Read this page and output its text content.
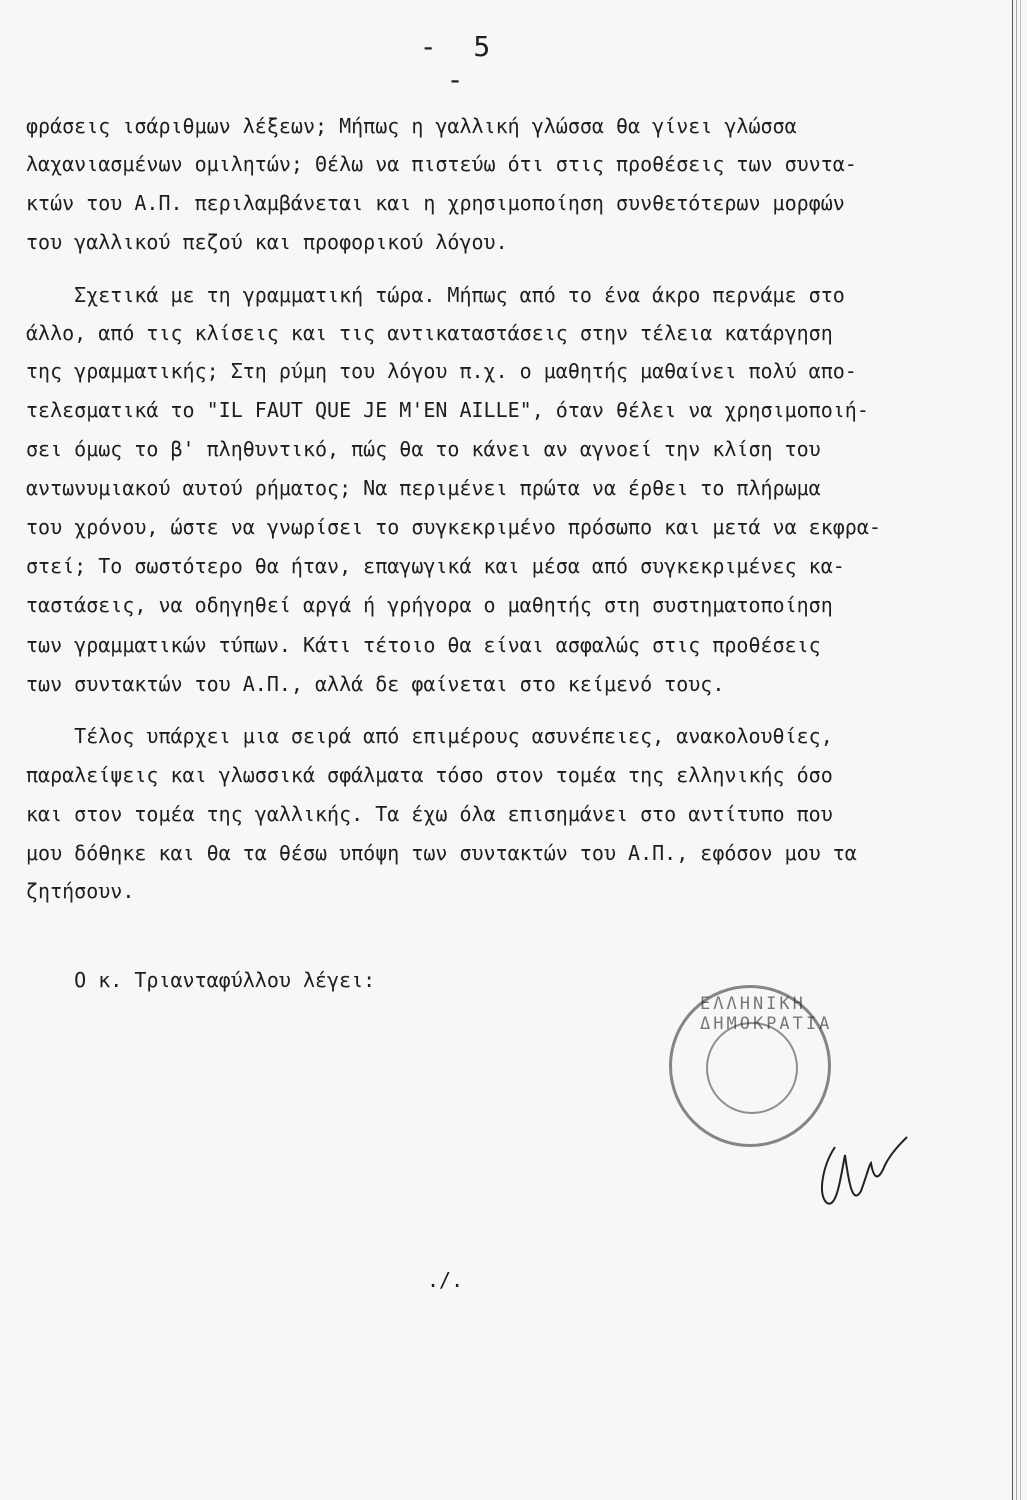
- 5 -
φράσεις ισάριθμων λέξεων; Μήπως η γαλλική γλώσσα θα γίνει γλώσσα
λαχανιασμένων ομιλητών; Θέλω να πιστεύω ότι στις προθέσεις των συντα-
κτών του Α.Π. περιλαμβάνεται και η χρησιμοποίηση συνθετότερων μορφών
του γαλλικού πεζού και προφορικού λόγου.
Σχετικά με τη γραμματική τώρα. Μήπως από το ένα άκρο περνάμε στο
άλλο, από τις κλίσεις και τις αντικαταστάσεις στην τέλεια κατάργηση
της γραμματικής; Στη ρύμη του λόγου π.χ. ο μαθητής μαθαίνει πολύ απο-
τελεσματικά το "IL FAUT QUE JE M'EN AILLE", όταν θέλει να χρησιμοποιή-
σει όμως το β' πληθυντικό, πώς θα το κάνει αν αγνοεί την κλίση του
αντωνυμιακού αυτού ρήματος; Να περιμένει πρώτα να έρθει το πλήρωμα
του χρόνου, ώστε να γνωρίσει το συγκεκριμένο πρόσωπο και μετά να εκφρα-
στεί; Το σωστότερο θα ήταν, επαγωγικά και μέσα από συγκεκριμένες κα-
ταστάσεις, να οδηγηθεί αργά ή γρήγορα ο μαθητής στη συστηματοποίηση
των γραμματικών τύπων. Κάτι τέτοιο θα είναι ασφαλώς στις προθέσεις
των συντακτών του Α.Π., αλλά δε φαίνεται στο κείμενό τους.
Τέλος υπάρχει μια σειρά από επιμέρους ασυνέπειες, ανακολουθίες,
παραλείψεις και γλωσσικά σφάλματα τόσο στον τομέα της ελληνικής όσο
και στον τομέα της γαλλικής. Τα έχω όλα επισημάνει στο αντίτυπο που
μου δόθηκε και θα τα θέσω υπόψη των συντακτών του Α.Π., εφόσον μου τα
ζητήσουν.
Ο κ. Τριανταφύλλου λέγει:
ΕΛΛΗΝΙΚΗ ΔΗΜΟΚΡΑΤΙΑ
./.
